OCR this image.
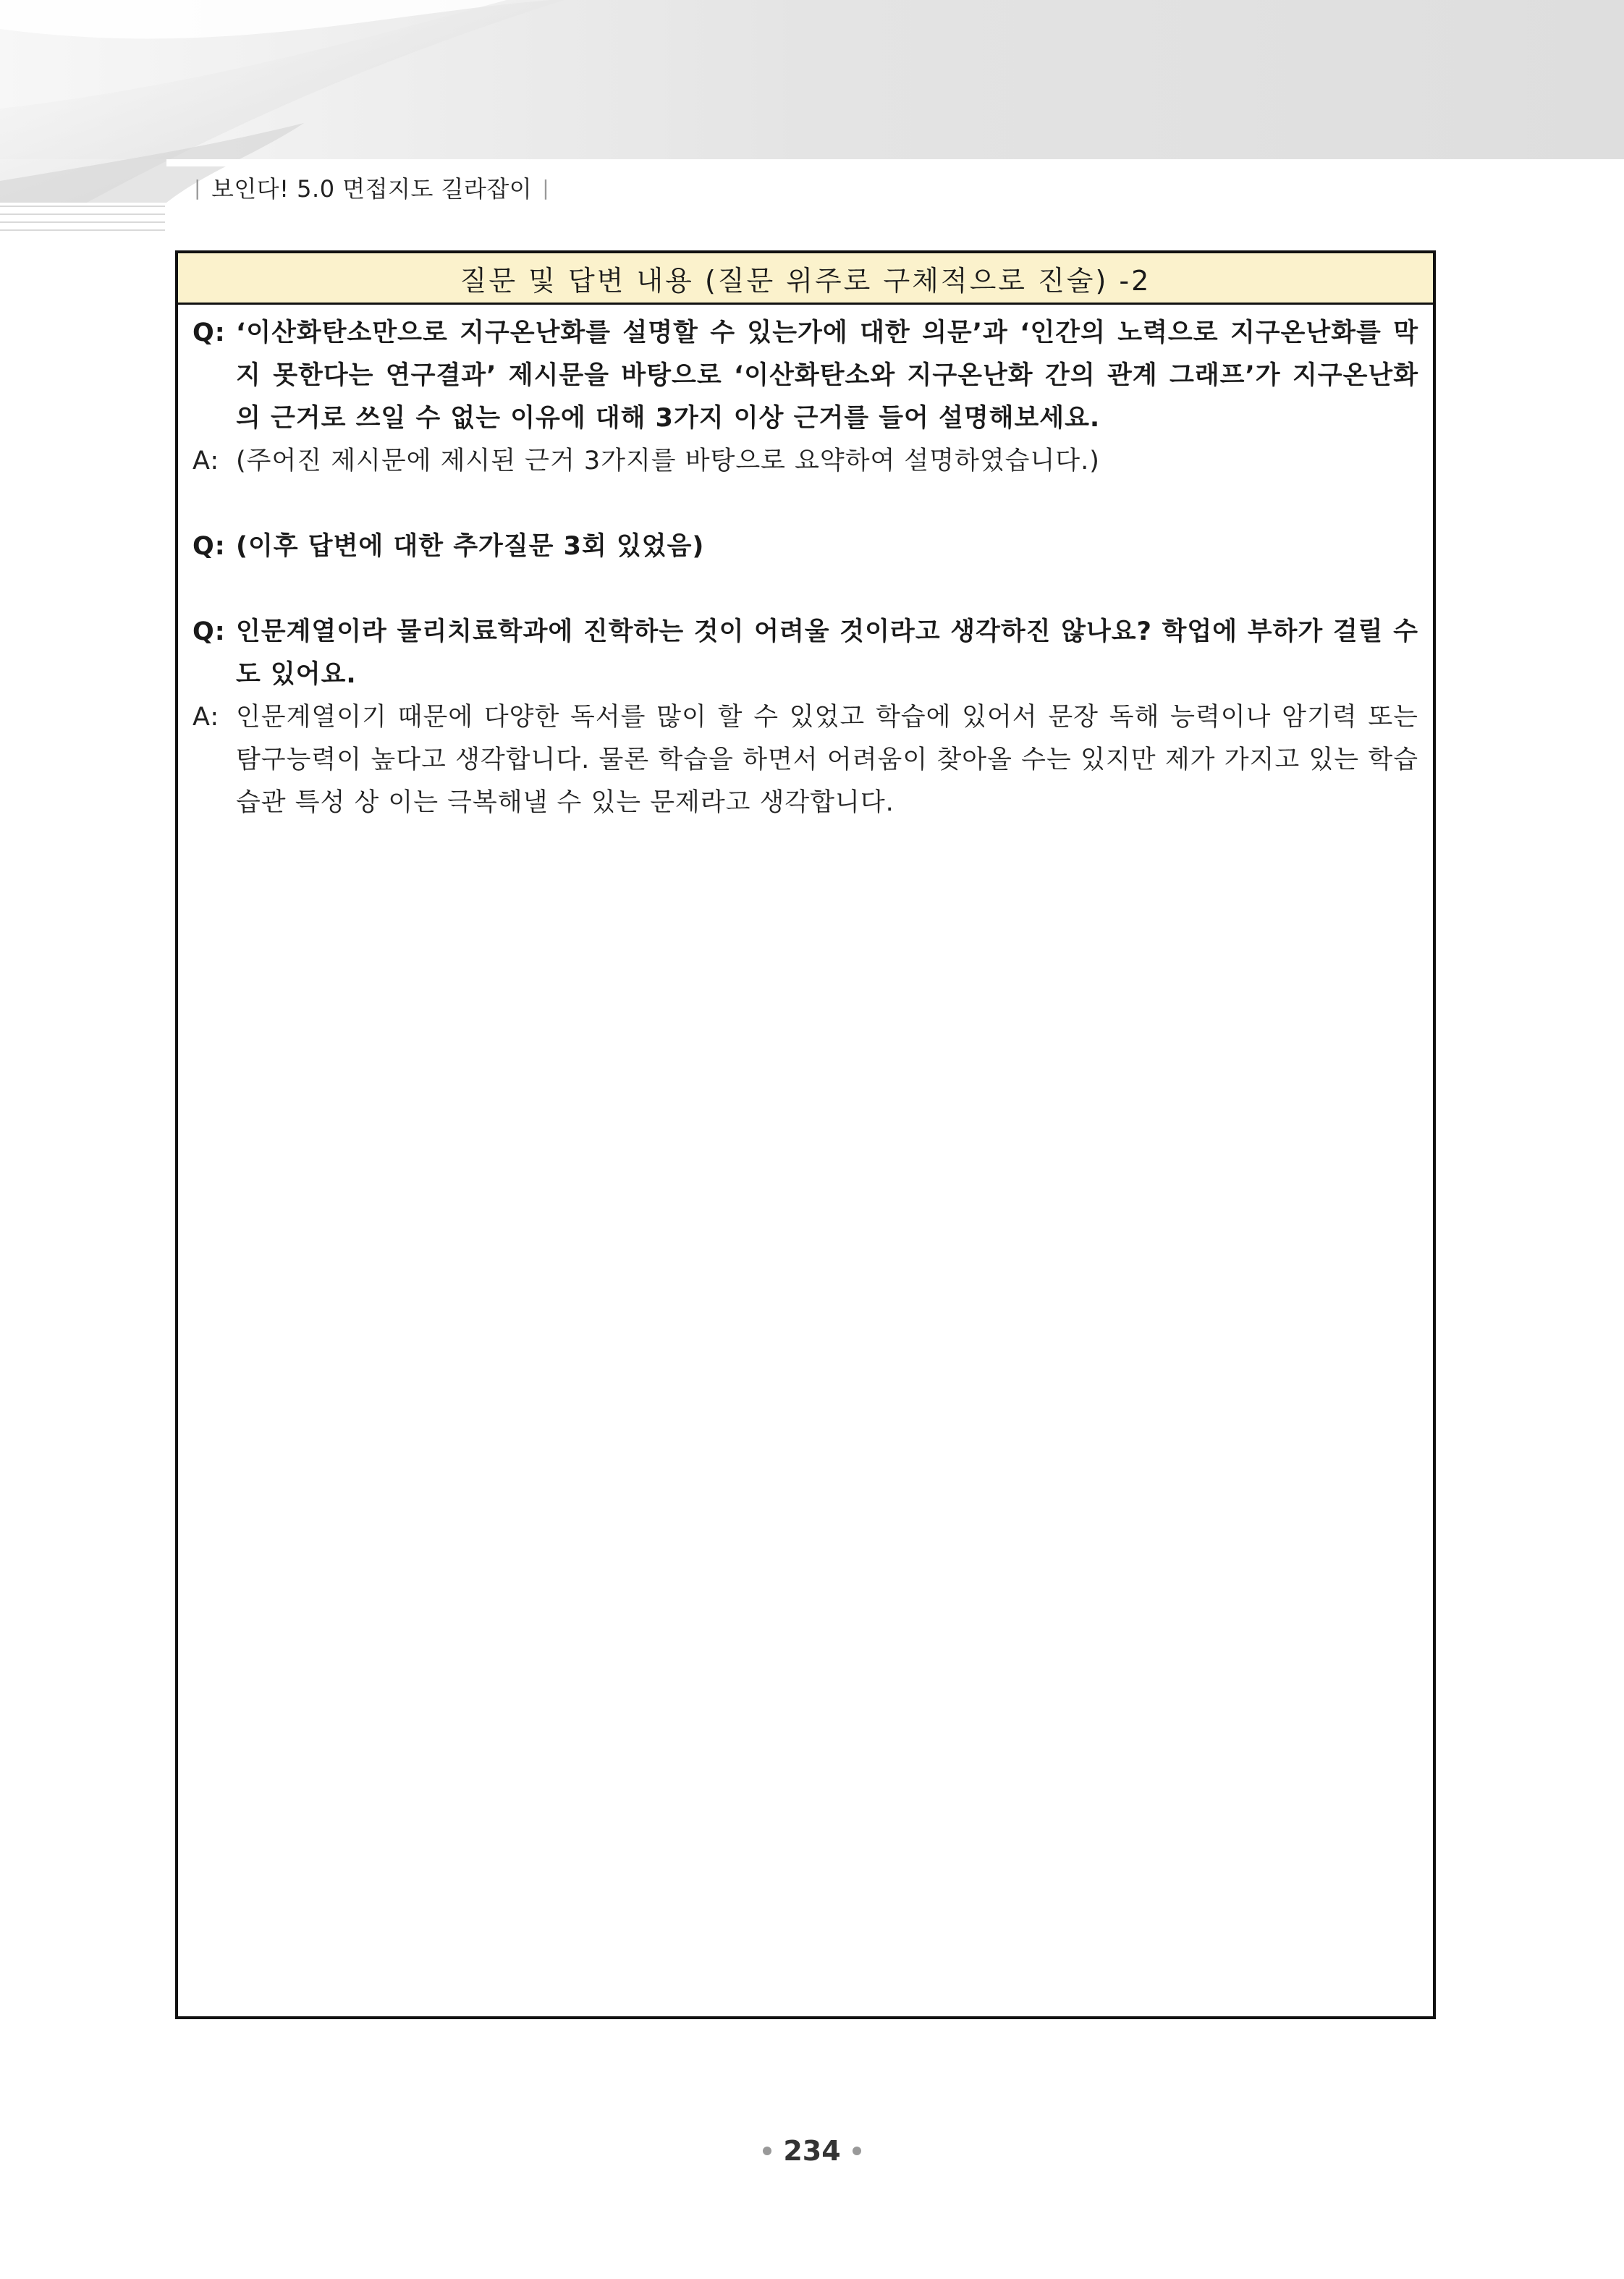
| 보인다! 5.0 면접지도 길라잡이 |
질문 및 답변 내용 (질문 위주로 구체적으로 진술) -2
Q: ‘이산화탄소만으로 지구온난화를 설명할 수 있는가에 대한 의문’과 ‘인간의 노력으로 지구온난화를 막지 못한다는 연구결과’ 제시문을 바탕으로 ‘이산화탄소와 지구온난화 간의 관계 그래프’가 지구온난화의 근거로 쓰일 수 없는 이유에 대해 3가지 이상 근거를 들어 설명해보세요.
A: (주어진 제시문에 제시된 근거 3가지를 바탕으로 요약하여 설명하였습니다.)
Q: (이후 답변에 대한 추가질문 3회 있었음)
Q: 인문계열이라 물리치료학과에 진학하는 것이 어려울 것이라고 생각하진 않나요? 학업에 부하가 걸릴 수도 있어요.
A: 인문계열이기 때문에 다양한 독서를 많이 할 수 있었고 학습에 있어서 문장 독해 능력이나 암기력 또는 탐구능력이 높다고 생각합니다. 물론 학습을 하면서 어려움이 찾아올 수는 있지만 제가 가지고 있는 학습 습관 특성 상 이는 극복해낼 수 있는 문제라고 생각합니다.
234
